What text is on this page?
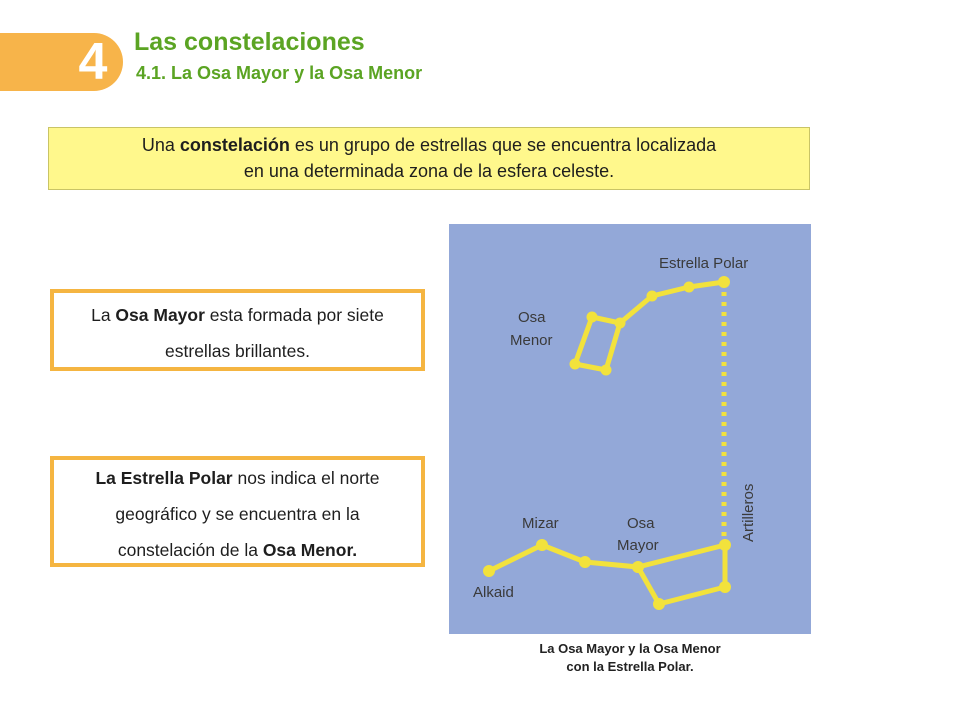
4	Las constelaciones
4.1. La Osa Mayor y la Osa Menor
Una constelación es un grupo de estrellas que se encuentra localizada
en una determinada zona de la esfera celeste.
La Osa Mayor esta formada por siete
estrellas brillantes.
La Estrella Polar nos indica el norte
geográfico y se encuentra en la
constelación de la Osa Menor.
Estrella Polar
Osa
Menor
Artilleros
Mizar	Osa
Mayor
Alkaid
La Osa Mayor y la Osa Menor
con la Estrella Polar.
